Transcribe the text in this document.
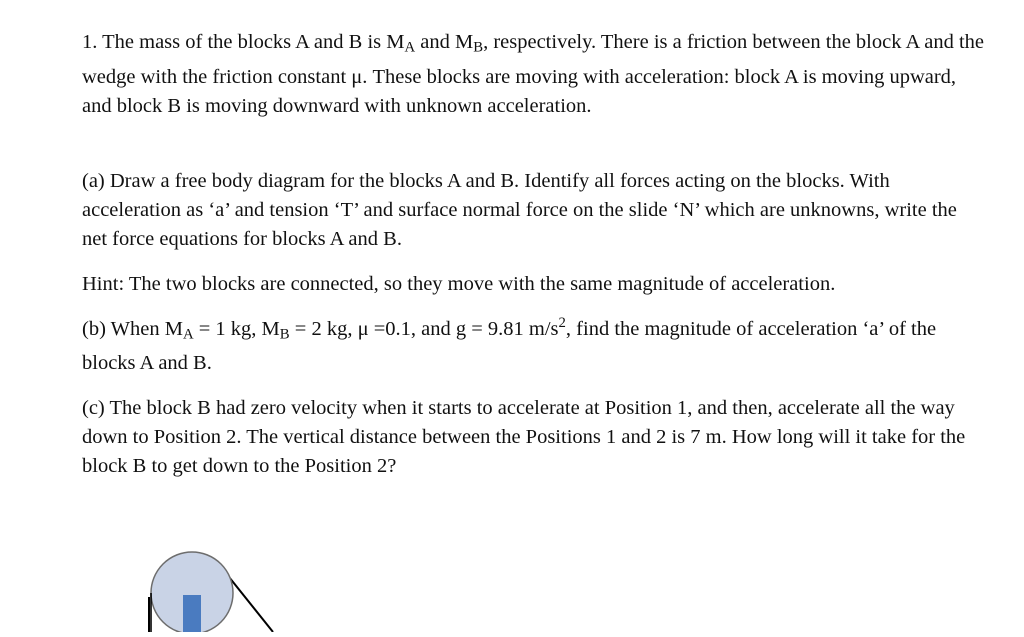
1. The mass of the blocks A and B is $M_A$ and $M_B$, respectively. There is a friction between the block A and the wedge with the friction constant μ. These blocks are moving with acceleration: block A is moving upward, and block B is moving downward with unknown acceleration.

(a) Draw a free body diagram for the blocks A and B. Identify all forces acting on the blocks. With acceleration as ‘a’ and tension ‘T’ and surface normal force on the slide ‘N’ which are unknowns, write the net force equations for blocks A and B.

Hint: The two blocks are connected, so they move with the same magnitude of acceleration.

(b) When $M_A = 1$ kg, $M_B = 2$ kg, μ =0.1, and g = 9.81 $m/s^2$, find the magnitude of acceleration ‘a’ of the blocks A and B.

(c) The block B had zero velocity when it starts to accelerate at Position 1, and then, accelerate all the way down to Position 2. The vertical distance between the Positions 1 and 2 is 7 m. How long will it take for the block B to get down to the Position 2?
